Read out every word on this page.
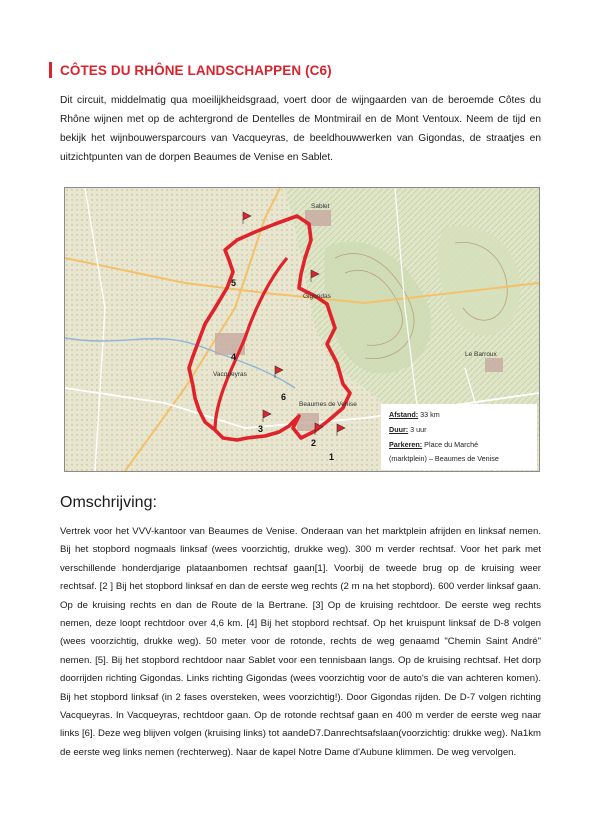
CÔTES DU RHÔNE LANDSCHAPPEN (C6)

Dit circuit, middelmatig qua moeilijkheidsgraad, voert door de wijngaarden van de beroemde Côtes du Rhône wijnen met op de achtergrond de Dentelles de Montmirail en de Mont Ventoux. Neem de tijd en bekijk het wijnbouwersparcours van Vacqueyras, de beeldhouwwerken van Gigondas, de straatjes en uitzichtpunten van de dorpen Beaumes de Venise en Sablet.

1
2
3
4
5
6
Sablet
Vacqueyras
Beaumes de Venise
Gigondas
Le Barroux
Afstand: 33 km
Duur: 3 uur
Parkeren: Place du Marché
(marktplein) – Beaumes de Venise
Omschrijving:

Vertrek voor het VVV-kantoor van Beaumes de Venise. Onderaan van het marktplein afrijden en linksaf nemen. Bij het stopbord nogmaals linksaf (wees voorzichtig, drukke weg). 300 m verder rechtsaf. Voor het park met verschillende honderdjarige plataanbomen rechtsaf gaan[1]. Voorbij de tweede brug op de kruising weer rechtsaf. [2 ] Bij het stopbord linksaf en dan de eerste weg rechts (2 m na het stopbord). 600 verder linksaf gaan. Op de kruising rechts en dan de Route de la Bertrane. [3] Op de kruising rechtdoor. De eerste weg rechts nemen, deze loopt rechtdoor over 4,6 km. [4] Bij het stopbord rechtsaf. Op het kruispunt linksaf de D-8 volgen (wees voorzichtig, drukke weg). 50 meter voor de rotonde, rechts de weg genaamd "Chemin Saint André" nemen. [5]. Bij het stopbord rechtdoor naar Sablet voor een tennisbaan langs. Op de kruising rechtsaf. Het dorp doorrijden richting Gigondas. Links richting Gigondas (wees voorzichtig voor de auto's die van achteren komen). Bij het stopbord linksaf (in 2 fases oversteken, wees voorzichtig!). Door Gigondas rijden. De D-7 volgen richting Vacqueyras. In Vacqueyras, rechtdoor gaan. Op de rotonde rechtsaf gaan en 400 m verder de eerste weg naar links [6]. Deze weg blijven volgen (kruising links) tot aandeD7.Danrechtsafslaan(voorzichtig: drukke weg). Na1km de eerste weg links nemen (rechterweg). Naar de kapel Notre Dame d'Aubune klimmen. De weg vervolgen.
